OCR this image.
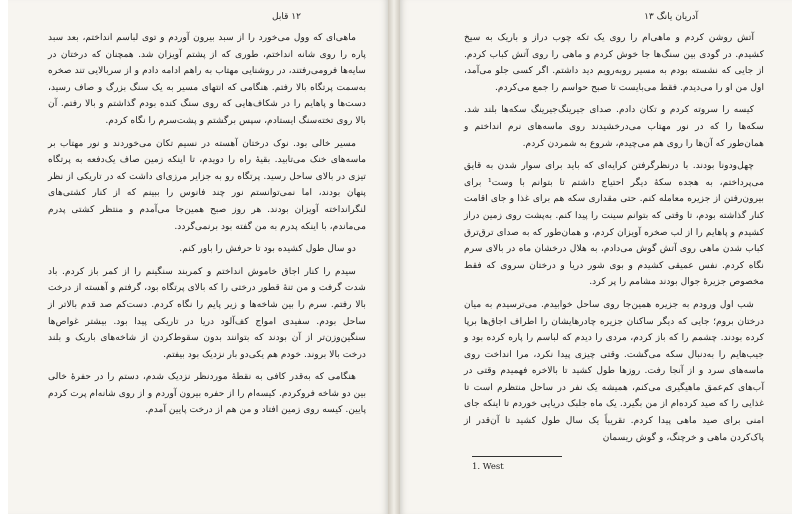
١٢ قابل

ماهی‌ای که وول می‌خورد را از سبد بیرون آوردم و توی لباسم انداختم، بعد سبد پاره را روی شانه انداختم، طوری که از پشتم آویزان شد. همچنان که درختان در سایه‌ها فرومی‌رفتند، در روشنایی مهتاب به راهم ادامه دادم و از سربالایی تند صخره به‌سمت پرتگاه بالا رفتم. هنگامی که انتهای مسیر به یک سنگ بزرگ و صاف رسید، دست‌ها و پاهایم را در شکاف‌هایی که روی سنگ کنده بودم گذاشتم و بالا رفتم. آن بالا روی تخته‌سنگ ایستادم، سپس برگشتم و پشت‌سرم را نگاه کردم.

مسیر خالی بود. نوک درختان آهسته در نسیم تکان می‌خوردند و نور مهتاب بر ماسه‌های خنک می‌تابید. بقیهٔ راه را دویدم، تا اینکه زمین صاف یک‌دفعه به پرتگاه تیزی در بالای ساحل رسید. پرتگاه رو به جزایر مرزی‌ای داشت که در تاریکی از نظر پنهان بودند، اما نمی‌توانستم نور چند فانوس را ببینم که از کنار کشتی‌های لنگرانداخته آویزان بودند. هر روز صبح همین‌جا می‌آمدم و منتظر کشتی پدرم می‌ماندم، با اینکه پدرم به من گفته بود برنمی‌گردد.

دو سال طول کشیده بود تا حرفش را باور کنم.

سیدم را کنار اجاق خاموش انداختم و کمربند سنگینم را از کمر باز کردم. باد شدت گرفت و من تنهٔ قطور درختی را که بالای پرتگاه بود، گرفتم و آهسته از درخت بالا رفتم. سرم را بین شاخه‌ها و زیر پایم را نگاه کردم. دست‌کم صد قدم بالاتر از ساحل بودم. سفیدی امواج کف‌آلود دریا در تاریکی پیدا بود. بیشتر غواص‌ها سنگین‌وزن‌تر از آن بودند که بتوانند بدون سقوط‌کردن از شاخه‌های باریک و بلند درخت بالا بروند. خودم هم یکی‌دو بار نزدیک بود بیفتم.

هنگامی که به‌قدر کافی به نقطهٔ موردنظر نزدیک شدم، دستم را در حفرهٔ خالی بین دو شاخه فروکردم. کیسه‌ام را از حفره بیرون آوردم و از روی شانه‌ام پرت کردم پایین. کیسه روی زمین افتاد و من هم از درخت پایین آمدم.

آدریان یانگ ١٣

آتش روشن کردم و ماهی‌ام را روی یک تکه چوب دراز و باریک به سیخ کشیدم. در گودی بین سنگ‌ها جا خوش کردم و ماهی را روی آتش کباب کردم. از جایی که نشسته بودم به مسیر روبه‌رویم دید داشتم. اگر کسی جلو می‌آمد، اول من او را می‌دیدم. فقط می‌بایست تا صبح حواسم را جمع می‌کردم.

کیسه را سروته کردم و تکان دادم. صدای جیرینگ‌جیرینگ سکه‌ها بلند شد. سکه‌ها را که در نور مهتاب می‌درخشیدند روی ماسه‌های نرم انداختم و همان‌طور که آن‌ها را روی هم می‌چیدم، شروع به شمردن کردم.

چهل‌ودونا بودند. با درنظرگرفتن کرایه‌ای که باید برای سوار شدن به قایق می‌پرداختم، به هجده سکهٔ دیگر احتیاج داشتم تا بتوانم با وست¹ برای بیرون‌رفتن از جزیره معامله کنم. حتی مقداری سکه هم برای غذا و جای اقامت کنار گذاشته بودم، تا وقتی که بتوانم سینت را پیدا کنم. به‌پشت روی زمین دراز کشیدم و پاهایم را از لب صخره آویزان کردم، و همان‌طور که به صدای ترق‌ترق کباب شدن ماهی روی آتش گوش می‌دادم، به هلال درخشان ماه در بالای سرم نگاه کردم. نفس عمیقی کشیدم و بوی شور دریا و درختان سروی که فقط مخصوص جزیرهٔ جوال بودند مشامم را پر کرد.

شب اول ورودم به جزیره همین‌جا روی ساحل خوابیدم. می‌ترسیدم به میان درختان بروم؛ جایی که دیگر ساکنان جزیره چادرهایشان را اطراف اجاق‌ها برپا کرده بودند. چشمم را که باز کردم، مردی را دیدم که لباسم را پاره کرده بود و جیب‌هایم را به‌دنبال سکه می‌گشت. وقتی چیزی پیدا نکرد، مرا انداخت روی ماسه‌های سرد و از آنجا رفت. روزها طول کشید تا بالاخره فهمیدم وقتی در آب‌های کم‌عمق ماهیگیری می‌کنم، همیشه یک نفر در ساحل منتظرم است تا غذایی را که صید کرده‌ام از من بگیرد. یک ماه جلبک دریایی خوردم تا اینکه جای امنی برای صید ماهی پیدا کردم. تقریباً یک سال طول کشید تا آن‌قدر از پاک‌کردن ماهی و خرچنگ، و گوش ریسمان‌

1. West
